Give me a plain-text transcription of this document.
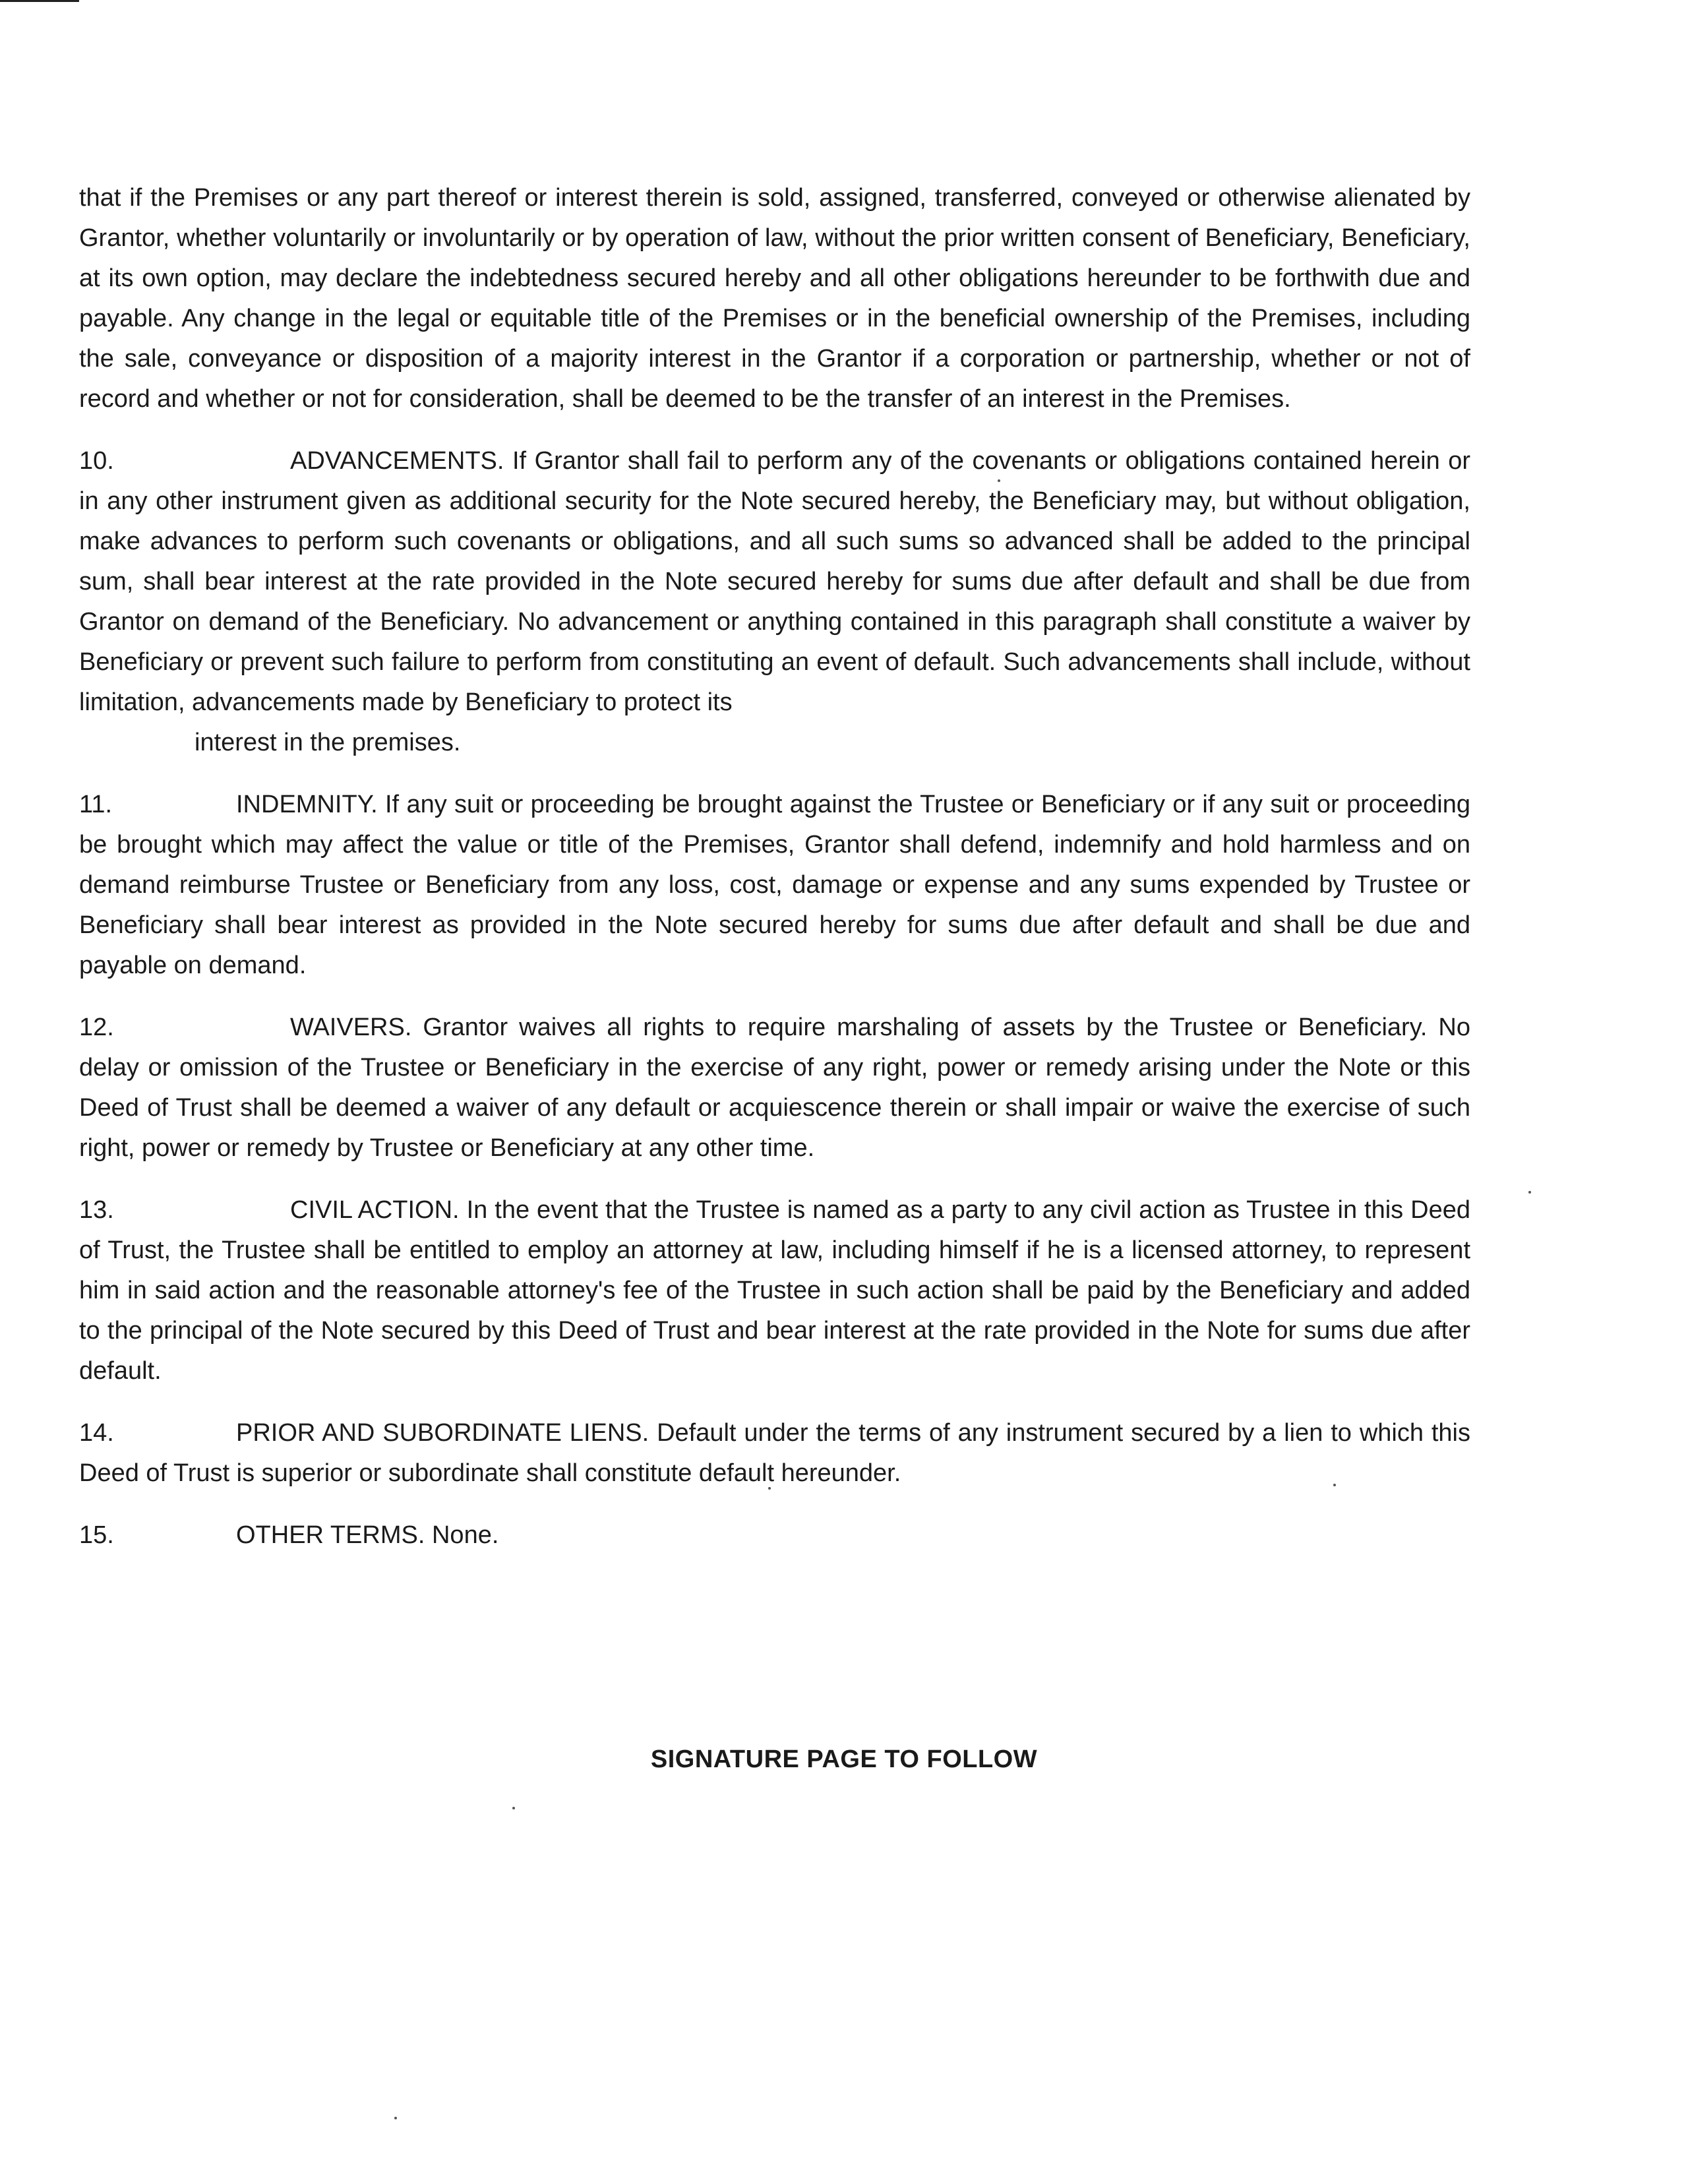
that if the Premises or any part thereof or interest therein is sold, assigned, transferred, conveyed or otherwise alienated by Grantor, whether voluntarily or involuntarily or by operation of law, without the prior written consent of Beneficiary, Beneficiary, at its own option, may declare the indebtedness secured hereby and all other obligations hereunder to be forthwith due and payable. Any change in the legal or equitable title of the Premises or in the beneficial ownership of the Premises, including the sale, conveyance or disposition of a majority interest in the Grantor if a corporation or partnership, whether or not of record and whether or not for consideration, shall be deemed to be the transfer of an interest in the Premises.

10.	ADVANCEMENTS. If Grantor shall fail to perform any of the covenants or obligations contained herein or in any other instrument given as additional security for the Note secured hereby, the Beneficiary may, but without obligation, make advances to perform such covenants or obligations, and all such sums so advanced shall be added to the principal sum, shall bear interest at the rate provided in the Note secured hereby for sums due after default and shall be due from Grantor on demand of the Beneficiary. No advancement or anything contained in this paragraph shall constitute a waiver by Beneficiary or prevent such failure to perform from constituting an event of default. Such advancements shall include, without limitation, advancements made by Beneficiary to protect its
interest in the premises.

11.	INDEMNITY. If any suit or proceeding be brought against the Trustee or Beneficiary or if any suit or proceeding be brought which may affect the value or title of the Premises, Grantor shall defend, indemnify and hold harmless and on demand reimburse Trustee or Beneficiary from any loss, cost, damage or expense and any sums expended by Trustee or Beneficiary shall bear interest as provided in the Note secured hereby for sums due after default and shall be due and payable on demand.

12.	WAIVERS. Grantor waives all rights to require marshaling of assets by the Trustee or Beneficiary. No delay or omission of the Trustee or Beneficiary in the exercise of any right, power or remedy arising under the Note or this Deed of Trust shall be deemed a waiver of any default or acquiescence therein or shall impair or waive the exercise of such right, power or remedy by Trustee or Beneficiary at any other time.

13.	CIVIL ACTION. In the event that the Trustee is named as a party to any civil action as Trustee in this Deed of Trust, the Trustee shall be entitled to employ an attorney at law, including himself if he is a licensed attorney, to represent him in said action and the reasonable attorney's fee of the Trustee in such action shall be paid by the Beneficiary and added to the principal of the Note secured by this Deed of Trust and bear interest at the rate provided in the Note for sums due after default.

14.	PRIOR AND SUBORDINATE LIENS. Default under the terms of any instrument secured by a lien to which this Deed of Trust is superior or subordinate shall constitute default hereunder.

15.	OTHER TERMS. None.

SIGNATURE PAGE TO FOLLOW
